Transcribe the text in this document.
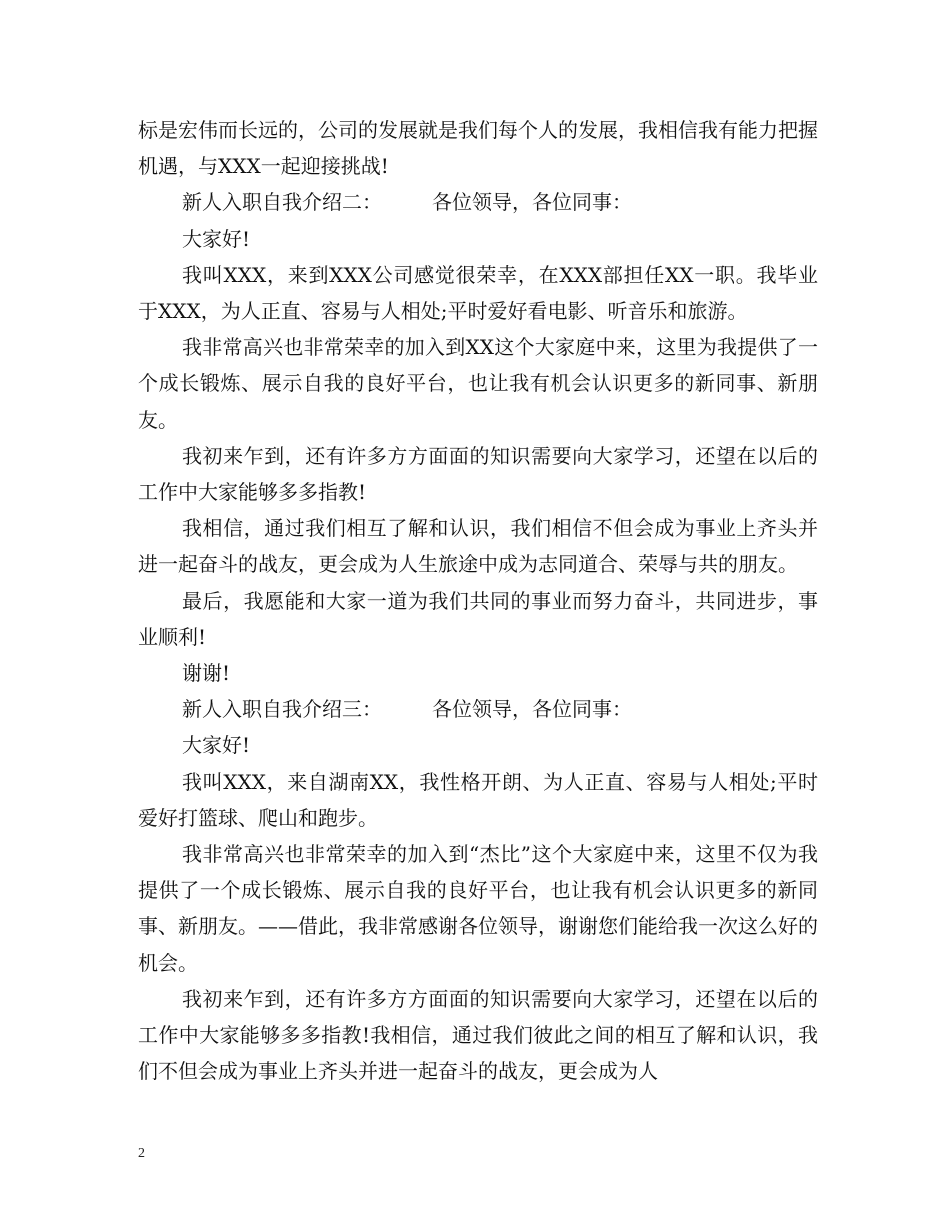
标是宏伟而长远的，公司的发展就是我们每个人的发展，我相信我有能力把握机遇，与XXX一起迎接挑战!

新人入职自我介绍二：　　　各位领导，各位同事：

大家好!

我叫XXX，来到XXX公司感觉很荣幸，在XXX部担任XX一职。我毕业于XXX，为人正直、容易与人相处;平时爱好看电影、听音乐和旅游。

我非常高兴也非常荣幸的加入到XX这个大家庭中来，这里为我提供了一个成长锻炼、展示自我的良好平台，也让我有机会认识更多的新同事、新朋友。

我初来乍到，还有许多方方面面的知识需要向大家学习，还望在以后的工作中大家能够多多指教!

我相信，通过我们相互了解和认识，我们相信不但会成为事业上齐头并进一起奋斗的战友，更会成为人生旅途中成为志同道合、荣辱与共的朋友。

最后，我愿能和大家一道为我们共同的事业而努力奋斗，共同进步，事业顺利!

谢谢!

新人入职自我介绍三：　　　各位领导，各位同事：

大家好!

我叫XXX，来自湖南XX，我性格开朗、为人正直、容易与人相处;平时爱好打篮球、爬山和跑步。

我非常高兴也非常荣幸的加入到“杰比”这个大家庭中来，这里不仅为我提供了一个成长锻炼、展示自我的良好平台，也让我有机会认识更多的新同事、新朋友。——借此，我非常感谢各位领导，谢谢您们能给我一次这么好的机会。

我初来乍到，还有许多方方面面的知识需要向大家学习，还望在以后的工作中大家能够多多指教!我相信，通过我们彼此之间的相互了解和认识，我们不但会成为事业上齐头并进一起奋斗的战友，更会成为人

2
